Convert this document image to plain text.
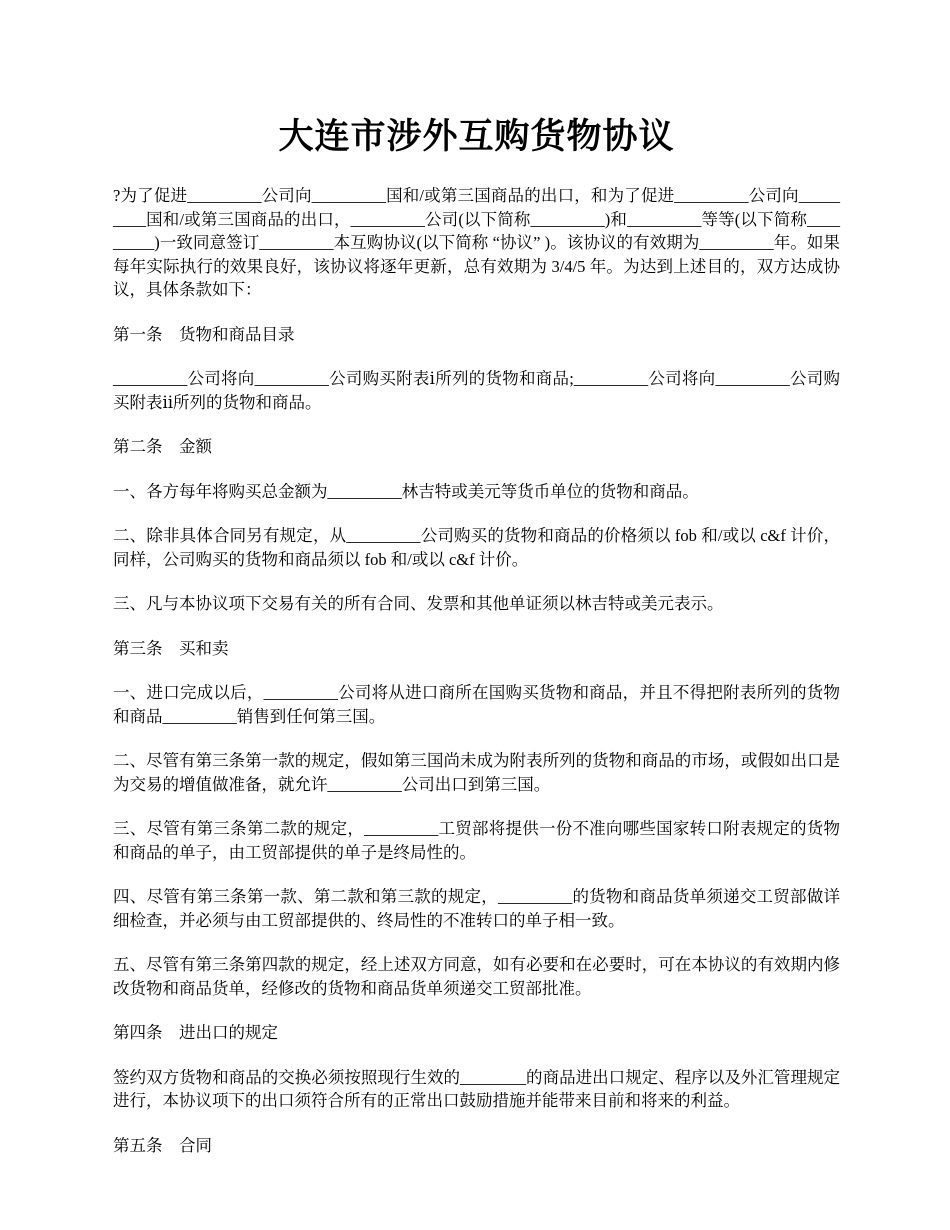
大连市涉外互购货物协议

?为了促进_________公司向_________国和/或第三国商品的出口，和为了促进_________公司向_________国和/或第三国商品的出口，_________公司(以下简称_________)和_________等等(以下简称_________)一致同意签订_________本互购协议(以下简称 “协议” )。该协议的有效期为_________年。如果每年实际执行的效果良好，该协议将逐年更新，总有效期为 3/4/5 年。为达到上述目的，双方达成协议，具体条款如下：

第一条　货物和商品目录

_________公司将向_________公司购买附表ⅰ所列的货物和商品;_________公司将向_________公司购买附表ⅱ所列的货物和商品。

第二条　金额

一、各方每年将购买总金额为_________林吉特或美元等货币单位的货物和商品。

二、除非具体合同另有规定，从_________公司购买的货物和商品的价格须以 fob 和/或以 c&f 计价，同样，公司购买的货物和商品须以 fob 和/或以 c&f 计价。

三、凡与本协议项下交易有关的所有合同、发票和其他单证须以林吉特或美元表示。

第三条　买和卖

一、进口完成以后，_________公司将从进口商所在国购买货物和商品，并且不得把附表所列的货物和商品_________销售到任何第三国。

二、尽管有第三条第一款的规定，假如第三国尚未成为附表所列的货物和商品的市场，或假如出口是为交易的增值做准备，就允许_________公司出口到第三国。

三、尽管有第三条第二款的规定，_________工贸部将提供一份不准向哪些国家转口附表规定的货物和商品的单子，由工贸部提供的单子是终局性的。

四、尽管有第三条第一款、第二款和第三款的规定，_________的货物和商品货单须递交工贸部做详细检查，并必须与由工贸部提供的、终局性的不准转口的单子相一致。

五、尽管有第三条第四款的规定，经上述双方同意，如有必要和在必要时，可在本协议的有效期内修改货物和商品货单，经修改的货物和商品货单须递交工贸部批准。

第四条　进出口的规定

签约双方货物和商品的交换必须按照现行生效的________的商品进出口规定、程序以及外汇管理规定进行，本协议项下的出口须符合所有的正常出口鼓励措施并能带来目前和将来的利益。

第五条　合同
